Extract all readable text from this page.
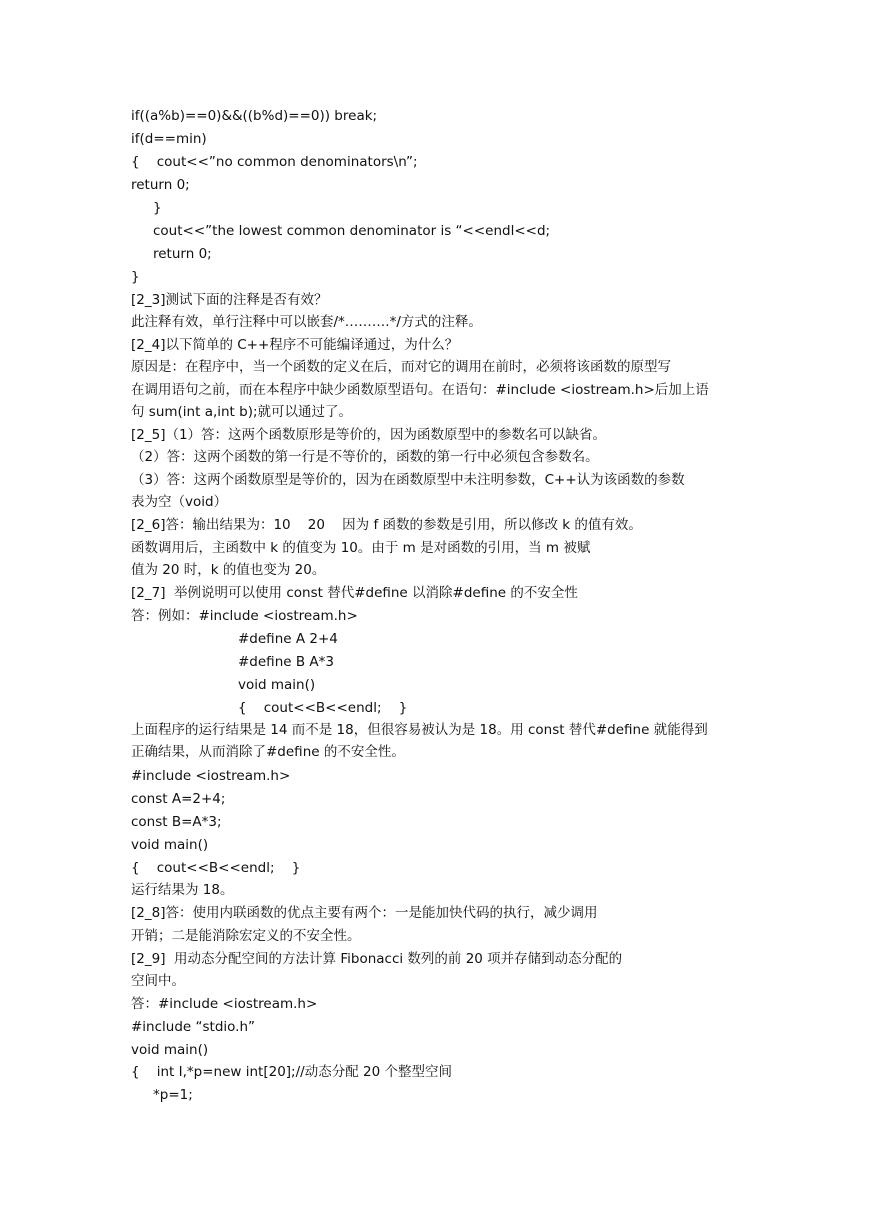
if((a%b)==0)&&((b%d)==0)) break;
if(d==min)
{    cout<<”no common denominators\n”;
return 0;
}
cout<<”the lowest common denominator is “<<endl<<d;
return 0;
}
[2_3]测试下面的注释是否有效？
此注释有效，单行注释中可以嵌套/*……….*/方式的注释。
[2_4]以下简单的 C++程序不可能编译通过，为什么？
原因是：在程序中，当一个函数的定义在后，而对它的调用在前时，必须将该函数的原型写
在调用语句之前，而在本程序中缺少函数原型语句。在语句：#include <iostream.h>后加上语
句 sum(int a,int b);就可以通过了。
[2_5]（1）答：这两个函数原形是等价的，因为函数原型中的参数名可以缺省。
（2）答：这两个函数的第一行是不等价的，函数的第一行中必须包含参数名。
（3）答：这两个函数原型是等价的，因为在函数原型中未注明参数，C++认为该函数的参数
表为空（void）
[2_6]答：输出结果为：10    20    因为 f 函数的参数是引用，所以修改 k 的值有效。
函数调用后，主函数中 k 的值变为 10。由于 m 是对函数的引用，当 m 被赋
值为 20 时，k 的值也变为 20。
[2_7]  举例说明可以使用 const 替代#define 以消除#define 的不安全性
答：例如：#include <iostream.h>
#define A 2+4
#define B A*3
void main()
{    cout<<B<<endl;    }
上面程序的运行结果是 14 而不是 18，但很容易被认为是 18。用 const 替代#define 就能得到
正确结果，从而消除了#define 的不安全性。
#include <iostream.h>
const A=2+4;
const B=A*3;
void main()
{    cout<<B<<endl;    }
运行结果为 18。
[2_8]答：使用内联函数的优点主要有两个：一是能加快代码的执行，减少调用
开销；二是能消除宏定义的不安全性。
[2_9]  用动态分配空间的方法计算 Fibonacci 数列的前 20 项并存储到动态分配的
空间中。
答：#include <iostream.h>
#include “stdio.h”
void main()
{    int I,*p=new int[20];//动态分配 20 个整型空间
*p=1;
